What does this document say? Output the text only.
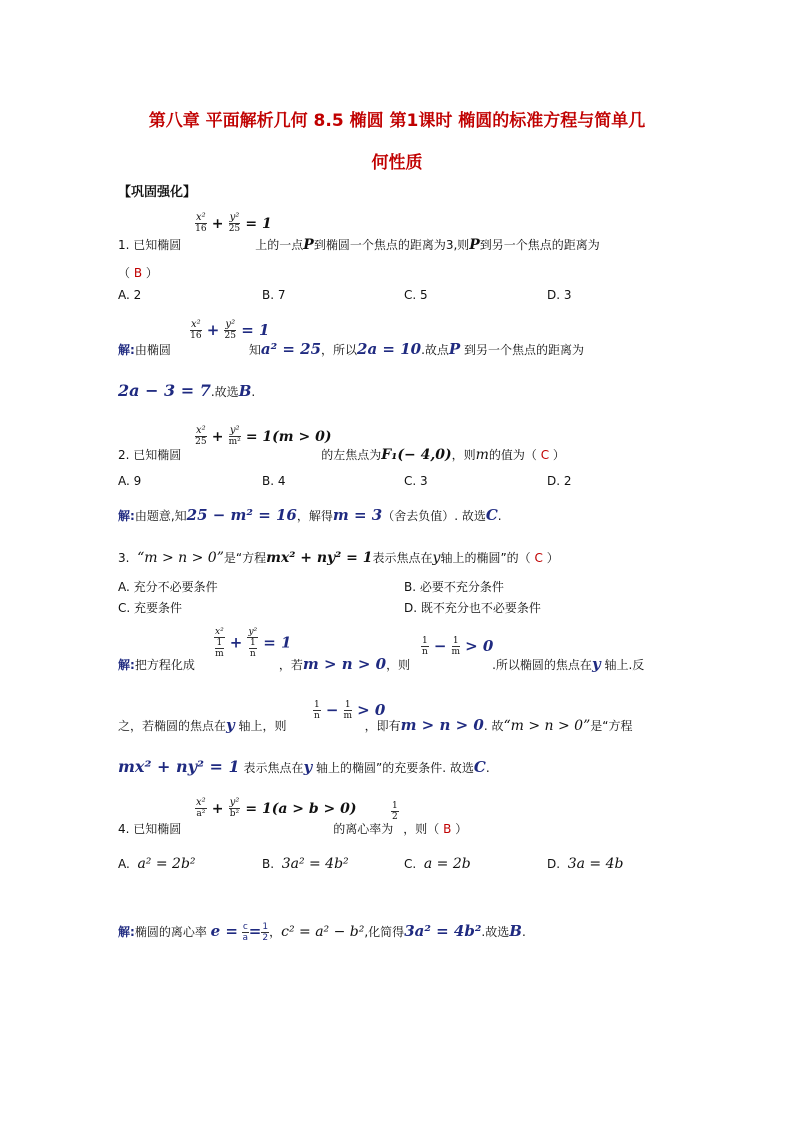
第八章 平面解析几何 8.5 椭圆 第1课时 椭圆的标准方程与简单几
何性质
【巩固强化】
$\frac{\text{x²}}{16} + \frac{\text{y²}}{25} = 1$
1. 已知椭圆	上的一点P到椭圆一个焦点的距离为3,则P到另一个焦点的距离为
（ B ）
A. 2	B. 7	C. 5	D. 3
$\frac{\text{x²}}{16} + \frac{\text{y²}}{25} = 1$
解:由椭圆	知a² = 25，所以2a = 10.故点P 到另一个焦点的距离为
2a − 3 = 7.故选B.
$\frac{\text{x²}}{25} + \frac{\text{y²}}{\text{m²}} = 1(m > 0)$
2. 已知椭圆	的左焦点为F₁(− 4,0)，则m的值为（ C ）
A. 9	B. 4	C. 3	D. 2
解:由题意,知25 − m² = 16，解得m = 3（舍去负值）. 故选C.
3. “m > n > 0”是“方程mx² + ny² = 1表示焦点在y轴上的椭圆”的（ C ）
A. 充分不必要条件	B. 必要不充分条件
C. 充要条件	D. 既不充分也不必要条件
$\frac{\text{x²}}{\frac{1}{m}} + \frac{\text{y²}}{\frac{1}{n}} = 1$	$\frac{1}{n} - \frac{1}{m} > 0$
解:把方程化成	，若m > n > 0，则	.所以椭圆的焦点在y 轴上.反
$\frac{1}{n} - \frac{1}{m} > 0$
之，若椭圆的焦点在y 轴上，则	，即有m > n > 0. 故“m > n > 0”是“方程
mx² + ny² = 1 表示焦点在y 轴上的椭圆”的充要条件. 故选C.
$\frac{\text{x²}}{\text{a²}} + \frac{\text{y²}}{\text{b²}} = 1(a > b > 0)$	$\frac{1}{2}$
4. 已知椭圆	的离心率为 ，则（ B ）
A. a² = 2b²	B. 3a² = 4b²	C. a = 2b	D. 3a = 4b
解:椭圆的离心率 $e = \frac{c}{a} = \frac{1}{2}$ ，c² = a² − b²,化简得3a² = 4b².故选B.
